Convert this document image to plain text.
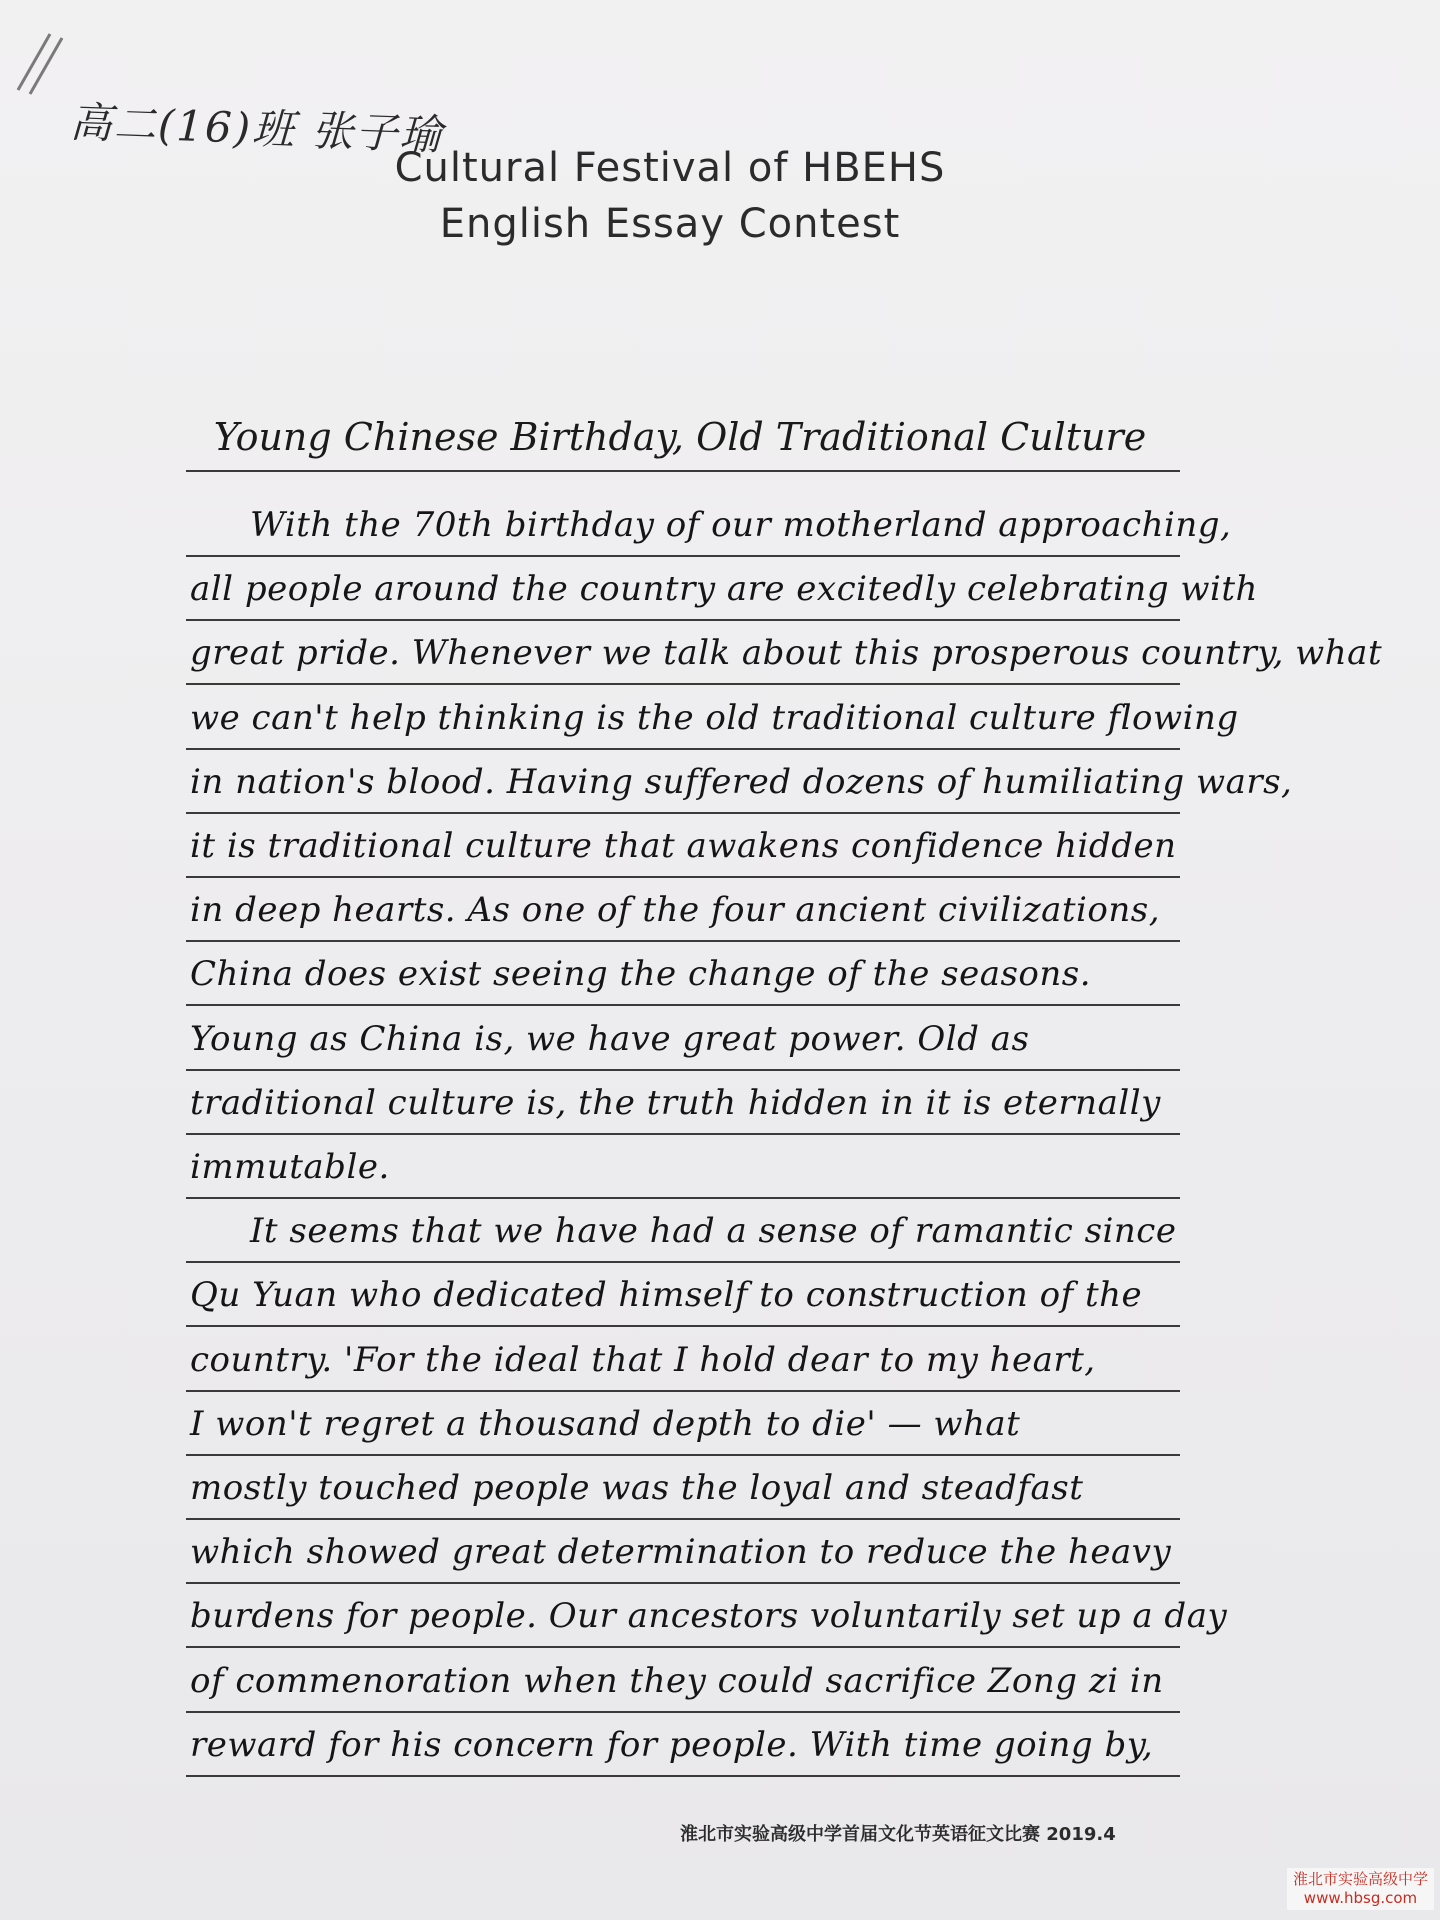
高二(16)班 张子瑜
Cultural Festival of HBEHS
English Essay Contest
Young Chinese Birthday, Old Traditional Culture
With the 70th birthday of our motherland approaching,
all people around the country are excitedly celebrating with
great pride. Whenever we talk about this prosperous country, what
we can't help thinking is the old traditional culture flowing
in nation's blood. Having suffered dozens of humiliating wars,
it is traditional culture that awakens confidence hidden
in deep hearts. As one of the four ancient civilizations,
China does exist seeing the change of the seasons.
Young as China is, we have great power. Old as
traditional culture is, the truth hidden in it is eternally
immutable.
It seems that we have had a sense of ramantic since
Qu Yuan who dedicated himself to construction of the
country. 'For the ideal that I hold dear to my heart,
I won't regret a thousand depth to die' — what
mostly touched people was the loyal and steadfast
which showed great determination to reduce the heavy
burdens for people. Our ancestors voluntarily set up a day
of commenoration when they could sacrifice Zong zi in
reward for his concern for people. With time going by,
淮北市实验高级中学首届文化节英语征文比赛 2019.4
淮北市实验高级中学
www.hbsg.com
